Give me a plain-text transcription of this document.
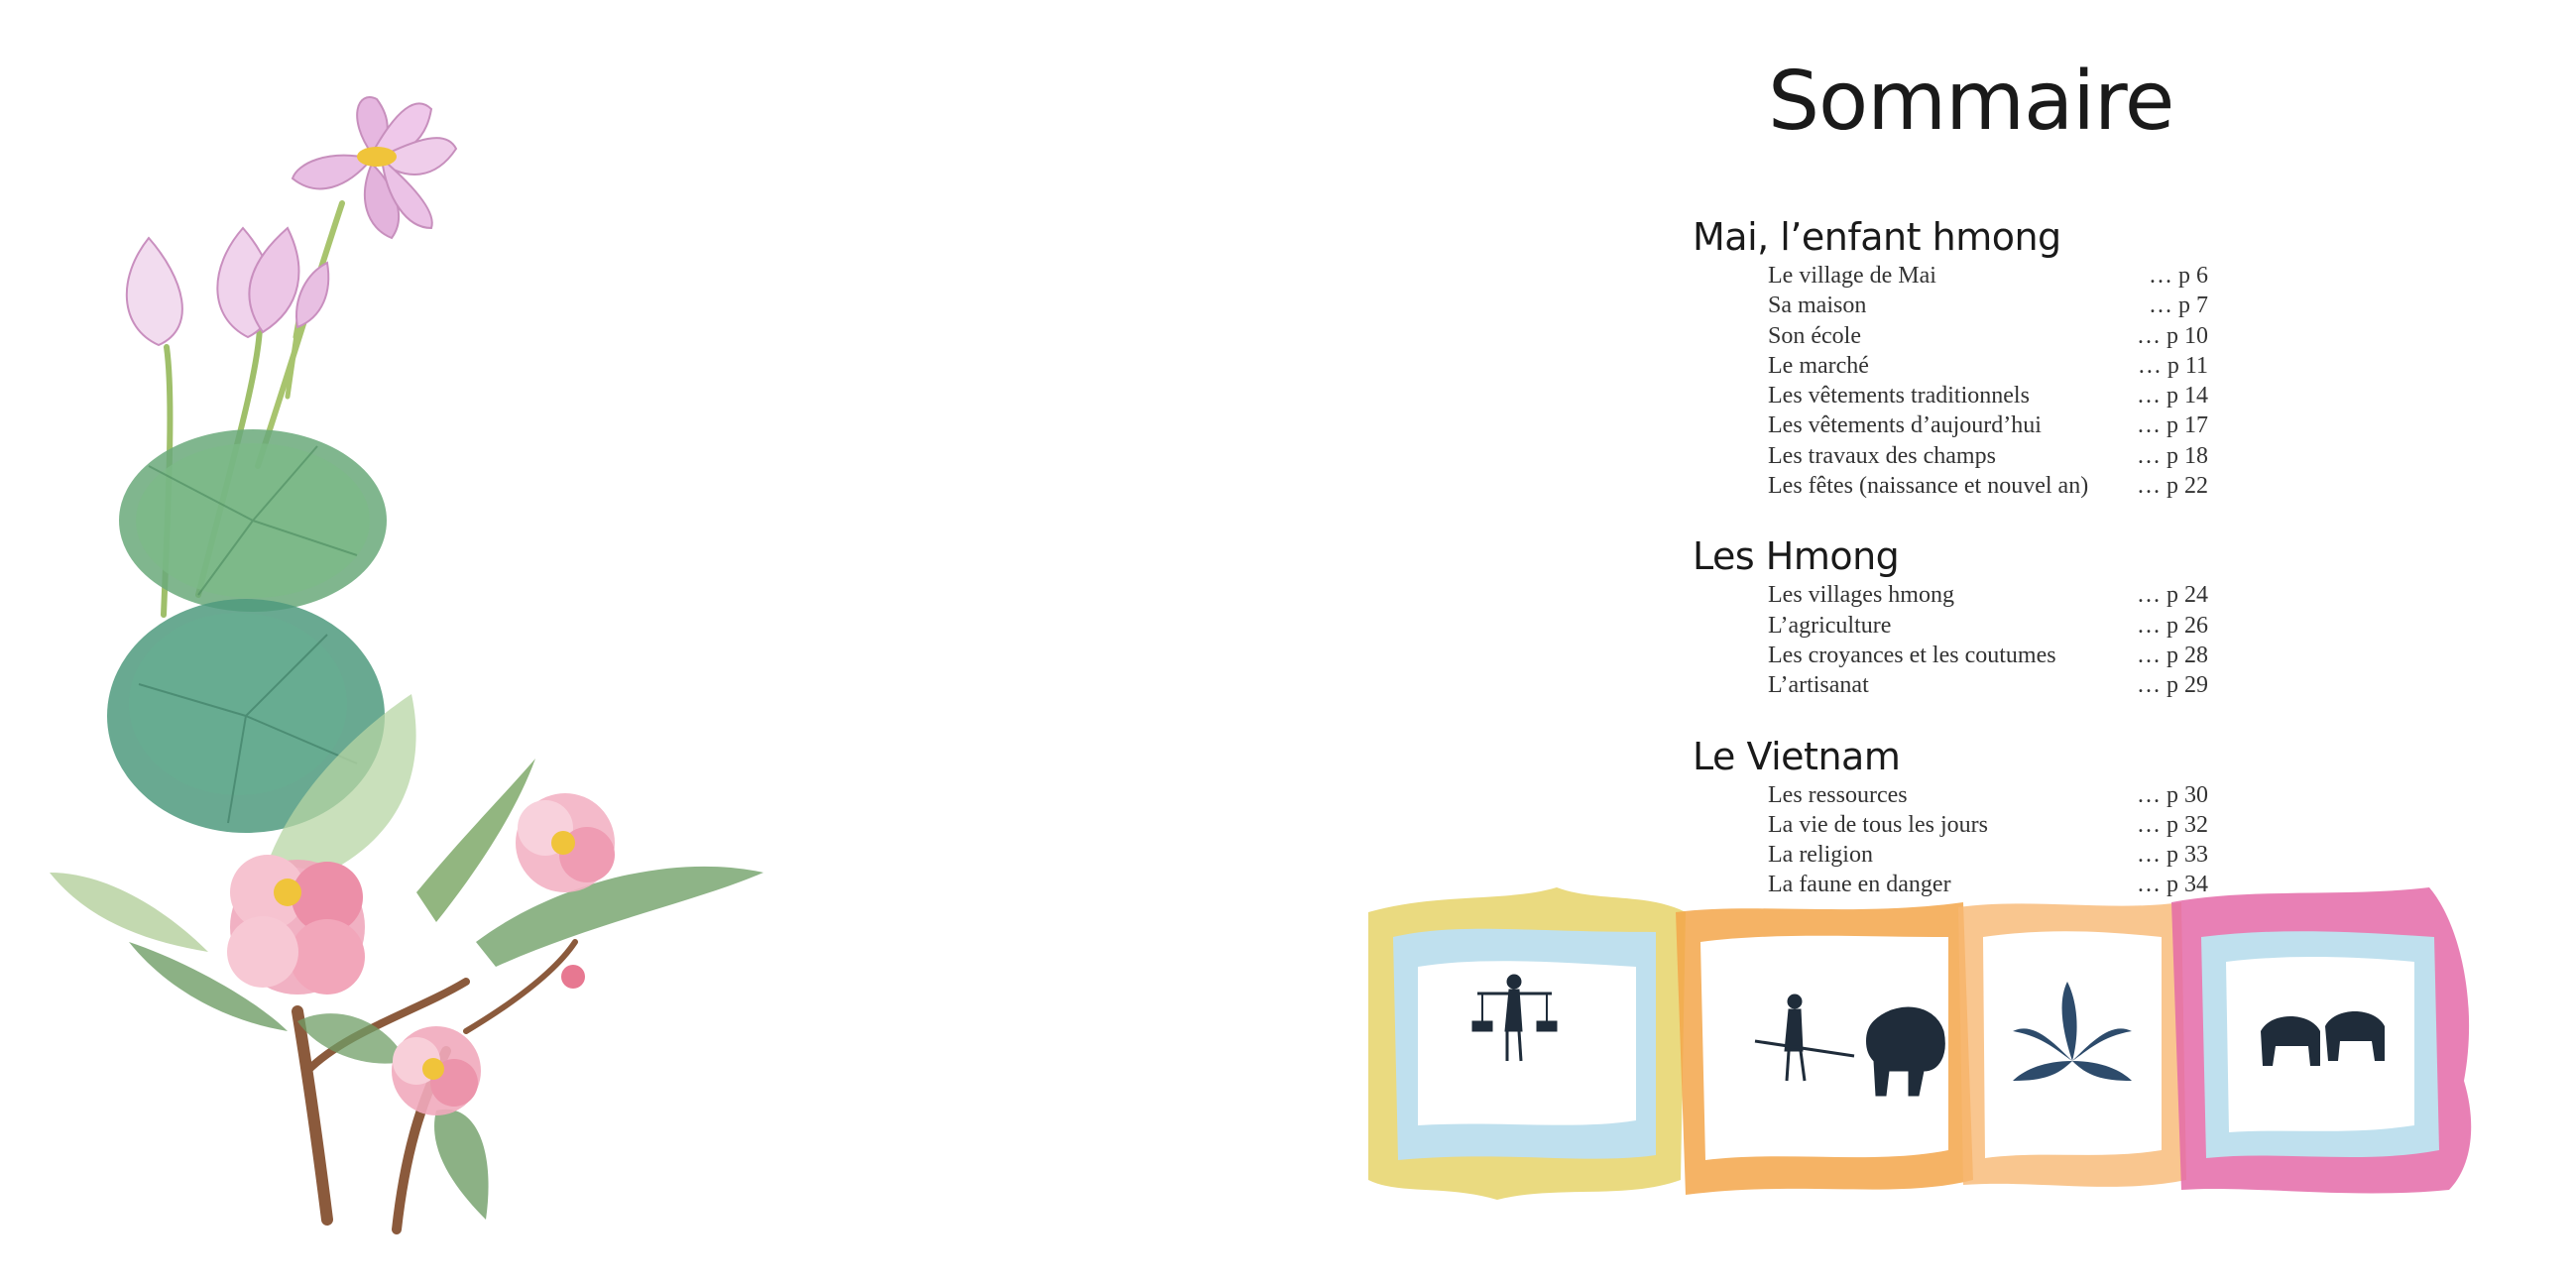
Sommaire
Mai, l’enfant hmong
Le village de Mai	… p 6
Sa maison	… p 7
Son école	… p 10
Le marché	… p 11
Les vêtements traditionnels	… p 14
Les vêtements d’aujourd’hui	… p 17
Les travaux des champs	… p 18
Les fêtes (naissance et nouvel an) … p 22
Les Hmong
Les villages hmong	… p 24
L’agriculture	… p 26
Les croyances et les coutumes	… p 28
L’artisanat	… p 29
Le Vietnam
Les ressources	… p 30
La vie de tous les jours	… p 32
La religion	… p 33
La faune en danger	… p 34
